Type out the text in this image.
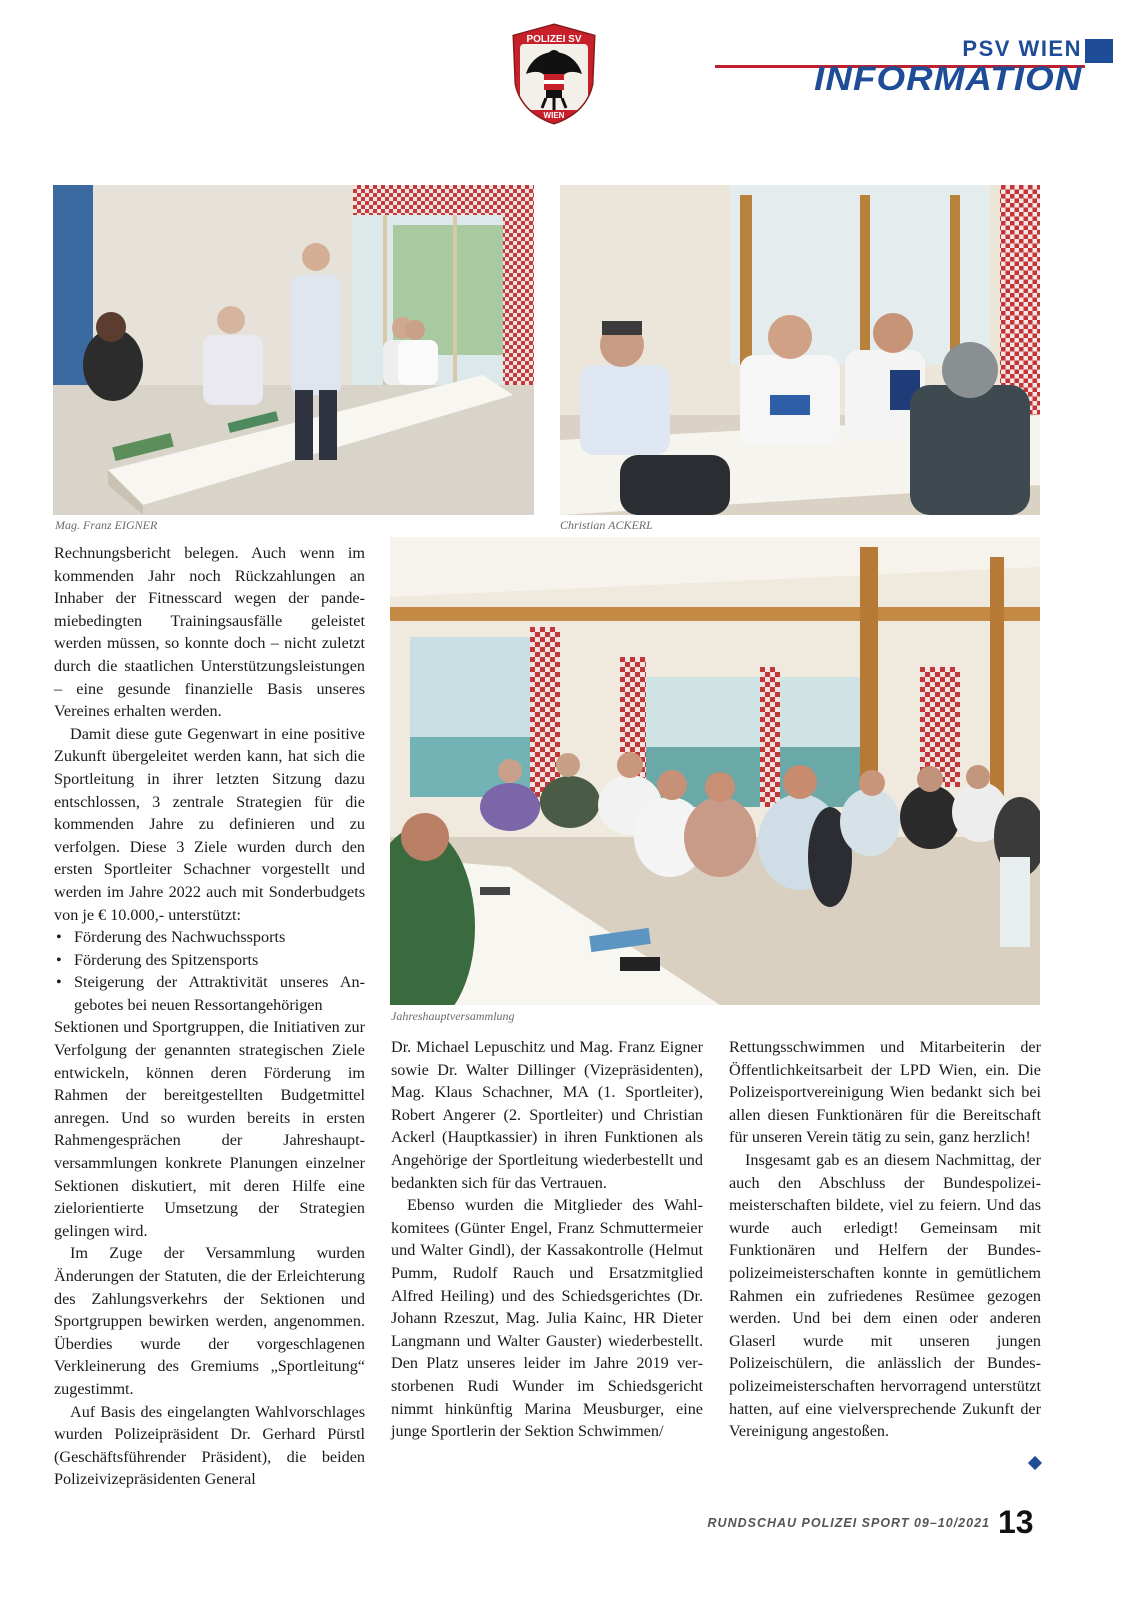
POLIZEI SV
WIEN
PSV WIEN
INFORMATION
Mag. Franz EIGNER	Christian ACKERL
Jahreshauptversammlung

Rechnungsbericht belegen. Auch wenn im kommenden Jahr noch Rückzahlungen an Inhaber der Fitnesscard wegen der pandemiebedingten Trainingsausfälle geleistet werden müssen, so konnte doch – nicht zuletzt durch die staatlichen Unterstützungsleistungen – eine gesunde finanzielle Basis unseres Vereines erhalten werden.

Damit diese gute Gegenwart in eine positive Zukunft übergeleitet werden kann, hat sich die Sportleitung in ihrer letzten Sitzung dazu entschlossen, 3 zentrale Strategien für die kommenden Jahre zu definieren und zu verfolgen. Diese 3 Ziele wurden durch den ersten Sportleiter Schachner vorgestellt und werden im Jahre 2022 auch mit Sonderbudgets von je € 10.000,- unterstützt:

• Förderung des Nachwuchssports
• Förderung des Spitzensports
• Steigerung der Attraktivität unseres Angebotes bei neuen Ressortangehörigen

Sektionen und Sportgruppen, die Initiativen zur Verfolgung der genannten strategischen Ziele entwickeln, können deren Förderung im Rahmen der bereitgestellten Budgetmittel anregen. Und so wurden bereits in ersten Rahmengesprächen der Jahreshauptversammlungen konkrete Planungen einzelner Sektionen diskutiert, mit deren Hilfe eine zielorientierte Umsetzung der Strategien gelingen wird.

Im Zuge der Versammlung wurden Änderungen der Statuten, die der Erleichterung des Zahlungsverkehrs der Sektionen und Sportgruppen bewirken werden, angenommen. Überdies wurde der vorgeschlagenen Verkleinerung des Gremiums „Sportleitung“ zugestimmt.

Auf Basis des eingelangten Wahlvorschlages wurden Polizeipräsident Dr. Gerhard Pürstl (Geschäftsführender Präsident), die beiden Polizeivizepräsidenten General

Dr. Michael Lepuschitz und Mag. Franz Eigner sowie Dr. Walter Dillinger (Vizepräsidenten), Mag. Klaus Schachner, MA (1. Sportleiter), Robert Angerer (2. Sportleiter) und Christian Ackerl (Hauptkassier) in ihren Funktionen als Angehörige der Sportleitung wiederbestellt und bedankten sich für das Vertrauen.

Ebenso wurden die Mitglieder des Wahlkomitees (Günter Engel, Franz Schmuttermeier und Walter Gindl), der Kassakontrolle (Helmut Pumm, Rudolf Rauch und Ersatzmitglied Alfred Heiling) und des Schiedsgerichtes (Dr. Johann Rzeszut, Mag. Julia Kainc, HR Dieter Langmann und Walter Gauster) wiederbestellt. Den Platz unseres leider im Jahre 2019 verstorbenen Rudi Wunder im Schiedsgericht nimmt hinkünftig Marina Meusburger, eine junge Sportlerin der Sektion Schwimmen/

Rettungsschwimmen und Mitarbeiterin der Öffentlichkeitsarbeit der LPD Wien, ein. Die Polizeisportvereinigung Wien bedankt sich bei allen diesen Funktionären für die Bereitschaft für unseren Verein tätig zu sein, ganz herzlich!

Insgesamt gab es an diesem Nachmittag, der auch den Abschluss der Bundespolizeimeisterschaften bildete, viel zu feiern. Und das wurde auch erledigt! Gemeinsam mit Funktionären und Helfern der Bundespolizeimeisterschaften konnte in gemütlichem Rahmen ein zufriedenes Resümee gezogen werden. Und bei dem einen oder anderen Glaserl wurde mit unseren jungen Polizeischülern, die anlässlich der Bundespolizeimeisterschaften hervorragend unterstützt hatten, auf eine vielversprechende Zukunft der Vereinigung angestoßen.

RUNDSCHAU POLIZEI SPORT 09–10/2021 13
